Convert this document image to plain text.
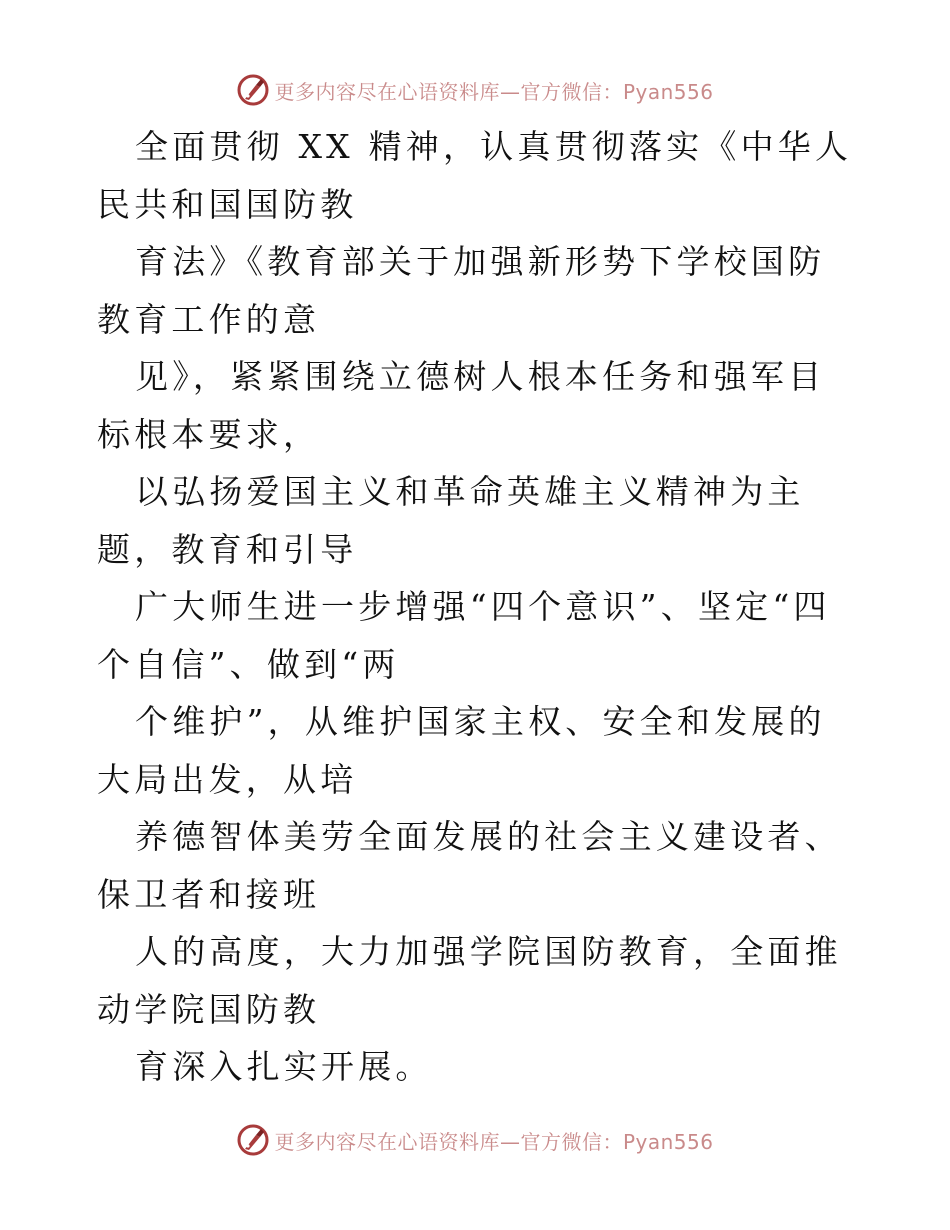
更多内容尽在心语资料库—官方微信：Pyan556

全面贯彻 XX 精神，认真贯彻落实《中华人民共和国国防教

育法》《教育部关于加强新形势下学校国防教育工作的意

见》，紧紧围绕立德树人根本任务和强军目标根本要求，

以弘扬爱国主义和革命英雄主义精神为主题，教育和引导

广大师生进一步增强“四个意识”、坚定“四个自信”、做到“两

个维护”，从维护国家主权、安全和发展的大局出发，从培

养德智体美劳全面发展的社会主义建设者、保卫者和接班

人的高度，大力加强学院国防教育，全面推动学院国防教

育深入扎实开展。

更多内容尽在心语资料库—官方微信：Pyan556
